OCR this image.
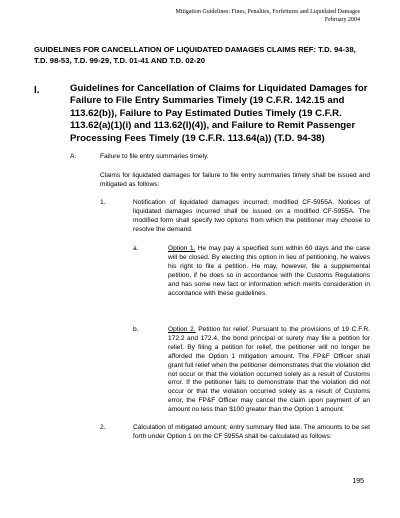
Mitigation Guidelines: Fines, Penalties, Forfeitures and Liquidated Damages
February 2004
GUIDELINES FOR CANCELLATION OF LIQUIDATED DAMAGES CLAIMS REF: T.D. 94-38, T.D. 98-53, T.D. 99-29, T.D. 01-41 AND T.D. 02-20
I.	Guidelines for Cancellation of Claims for Liquidated Damages for Failure to File Entry Summaries Timely (19 C.F.R. 142.15 and 113.62(b)), Failure to Pay Estimated Duties Timely (19 C.F.R. 113.62(a)(1)(i) and 113.62(l)(4)), and Failure to Remit Passenger Processing Fees Timely (19 C.F.R. 113.64(a)) (T.D. 94-38)
A.	Failure to file entry summaries timely.
Claims for liquidated damages for failure to file entry summaries timely shall be issued and mitigated as follows:
1.	Notification of liquidated damages incurred; modified CF-5955A. Notices of liquidated damages incurred shall be issued on a modified CF-5955A. The modified form shall specify two options from which the petitioner may choose to resolve the demand.
a.	Option 1. He may pay a specified sum within 60 days and the case will be closed. By electing this option in lieu of petitioning, he waives his right to file a petition. He may, however, file a supplemental petition, if he does so in accordance with the Customs Regulations and has some new fact or information which merits consideration in accordance with these guidelines.
b.	Option 2. Petition for relief. Pursuant to the provisions of 19 C.F.R. 172.2 and 172.4, the bond principal or surety may file a petition for relief. By filing a petition for relief, the petitioner will no longer be afforded the Option 1 mitigation amount. The FP&F Officer shall grant full relief when the petitioner demonstrates that the violation did not occur or that the violation occurred solely as a result of Customs error. If the petitioner fails to demonstrate that the violation did not occur or that the violation occurred solely as a result of Customs error, the FP&F Officer may cancel the claim upon payment of an amount no less than $100 greater than the Option 1 amount.
2.	Calculation of mitigated amount; entry summary filed late. The amounts to be set forth under Option 1 on the CF 5955A shall be calculated as follows:
195
